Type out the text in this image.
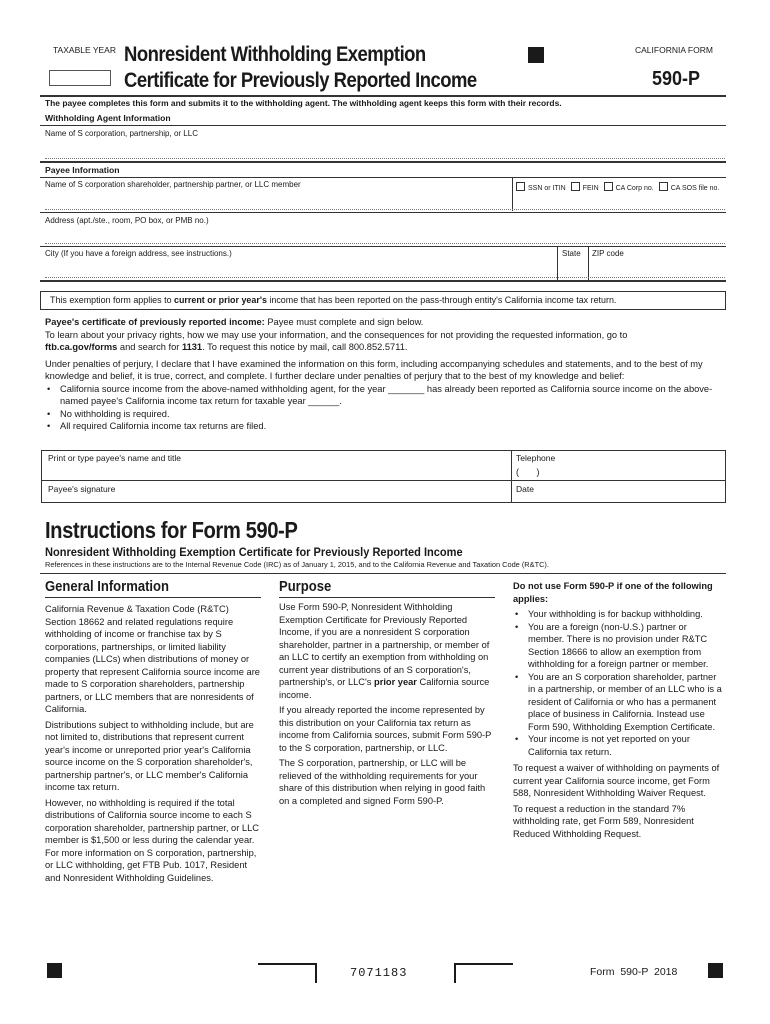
TAXABLE YEAR Nonresident Withholding Exemption
Certificate for Previously Reported Income
CALIFORNIA FORM
590-P
The payee completes this form and submits it to the withholding agent. The withholding agent keeps this form with their records.
Withholding Agent Information
Name of S corporation, partnership, or LLC
Payee Information
Name of S corporation shareholder, partnership partner, or LLC member	SSN or ITIN FEIN CA Corp no. CA SOS file no.
Address (apt./ste., room, PO box, or PMB no.)
City (If you have a foreign address, see instructions.)	State ZIP code
This exemption form applies to current or prior year's income that has been reported on the pass-through entity's California income tax return.
Payee's certificate of previously reported income: Payee must complete and sign below.
To learn about your privacy rights, how we may use your information, and the consequences for not providing the requested information, go to
ftb.ca.gov/forms and search for 1131. To request this notice by mail, call 800.852.5711.
Under penalties of perjury, I declare that I have examined the information on this form, including accompanying schedules and statements, and to the best of my knowledge and belief, it is true, correct, and complete. I further declare under penalties of perjury that to the best of my knowledge and belief:
• California source income from the above-named withholding agent, for the year _______ has already been reported as California source income on the above-named payee's California income tax return for taxable year ______.
• No withholding is required.
• All required California income tax returns are filed.
Print or type payee's name and title	Telephone
(       )
Payee's signature	Date
Instructions for Form 590-P
Nonresident Withholding Exemption Certificate for Previously Reported Income
References in these instructions are to the Internal Revenue Code (IRC) as of January 1, 2015, and to the California Revenue and Taxation Code (R&TC).
General Information

California Revenue & Taxation Code (R&TC) Section 18662 and related regulations require withholding of income or franchise tax by S corporations, partnerships, or limited liability companies (LLCs) when distributions of money or property that represent California source income are made to S corporation shareholders, partnership partners, or LLC members that are nonresidents of California.

Distributions subject to withholding include, but are not limited to, distributions that represent current year's income or unreported prior year's California source income on the S corporation shareholder's, partnership partner's, or LLC member's California income tax return.

However, no withholding is required if the total distributions of California source income to each S corporation shareholder, partnership partner, or LLC member is $1,500 or less during the calendar year. For more information on S corporation, partnership, or LLC withholding, get FTB Pub. 1017, Resident and Nonresident Withholding Guidelines.

Purpose

Use Form 590-P, Nonresident Withholding Exemption Certificate for Previously Reported Income, if you are a nonresident S corporation shareholder, partner in a partnership, or member of an LLC to certify an exemption from withholding on current year distributions of an S corporation's, partnership's, or LLC's prior year California source income.

If you already reported the income represented by this distribution on your California tax return as income from California sources, submit Form 590-P to the S corporation, partnership, or LLC.

The S corporation, partnership, or LLC will be relieved of the withholding requirements for your share of this distribution when relying in good faith on a completed and signed Form 590-P.

Do not use Form 590-P if one of the following applies:

• Your withholding is for backup withholding.
• You are a foreign (non-U.S.) partner or member. There is no provision under R&TC Section 18666 to allow an exemption from withholding for a foreign partner or member.
• You are an S corporation shareholder, partner in a partnership, or member of an LLC who is a resident of California or who has a permanent place of business in California. Instead use Form 590, Withholding Exemption Certificate.
• Your income is not yet reported on your California tax return.

To request a waiver of withholding on payments of current year California source income, get Form 588, Nonresident Withholding Waiver Request.

To request a reduction in the standard 7% withholding rate, get Form 589, Nonresident Reduced Withholding Request.

7071183	Form  590-P  2018
